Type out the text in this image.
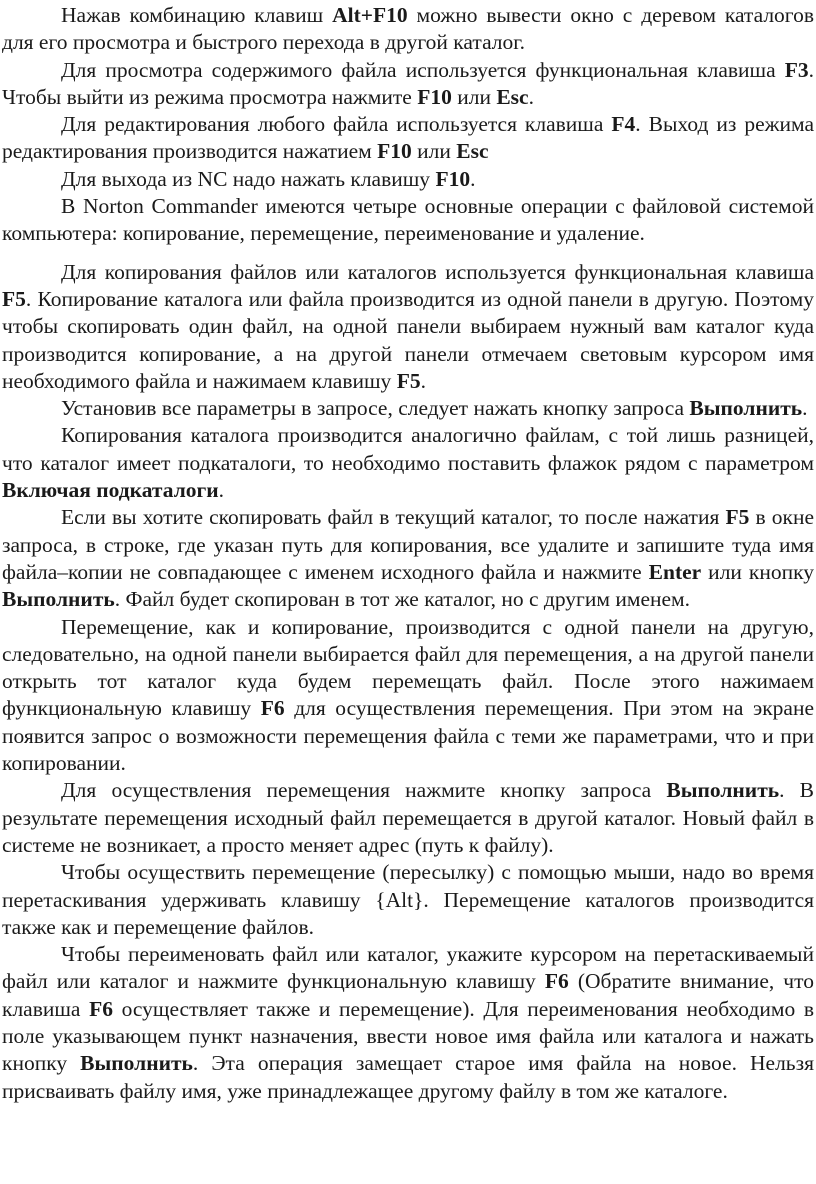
Нажав комбинацию клавиш Alt+F10 можно вывести окно с деревом каталогов для его просмотра и быстрого перехода в другой каталог.

Для просмотра содержимого файла используется функциональная клавиша F3. Чтобы выйти из режима просмотра нажмите F10 или Esc.

Для редактирования любого файла используется клавиша F4. Выход из режима редактирования производится нажатием F10 или Esc

Для выхода из NC надо нажать клавишу F10.

В Norton Commander имеются четыре основные операции с файловой системой компьютера: копирование, перемещение, переименование и удаление.

Для копирования файлов или каталогов используется функциональная клавиша F5. Копирование каталога или файла производится из одной панели в другую. Поэтому чтобы скопировать один файл, на одной панели выбираем нужный вам каталог куда производится копирование, а на другой панели отмечаем световым курсором имя необходимого файла и нажимаем клавишу F5.

Установив все параметры в запросе, следует нажать кнопку запроса Выполнить.

Копирования каталога производится аналогично файлам, с той лишь разницей, что каталог имеет подкаталоги, то необходимо поставить флажок рядом с параметром Включая подкаталоги.

Если вы хотите скопировать файл в текущий каталог, то после нажатия F5 в окне запроса, в строке, где указан путь для копирования, все удалите и запишите туда имя файла–копии не совпадающее с именем исходного файла и нажмите Enter или кнопку Выполнить. Файл будет скопирован в тот же каталог, но с другим именем.

Перемещение, как и копирование, производится с одной панели на другую, следовательно, на одной панели выбирается файл для перемещения, а на другой панели открыть тот каталог куда будем перемещать файл. После этого нажимаем функциональную клавишу F6 для осуществления перемещения. При этом на экране появится запрос о возможности перемещения файла с теми же параметрами, что и при копировании.

Для осуществления перемещения нажмите кнопку запроса Выполнить. В результате перемещения исходный файл перемещается в другой каталог. Новый файл в системе не возникает, а просто меняет адрес (путь к файлу).

Чтобы осуществить перемещение (пересылку) с помощью мыши, надо во время перетаскивания удерживать клавишу {Alt}. Перемещение каталогов производится также как и перемещение файлов.

Чтобы переименовать файл или каталог, укажите курсором на перетаскиваемый файл или каталог и нажмите функциональную клавишу F6 (Обратите внимание, что клавиша F6 осуществляет также и перемещение). Для переименования необходимо в поле указывающем пункт назначения, ввести новое имя файла или каталога и нажать кнопку Выполнить. Эта операция замещает старое имя файла на новое. Нельзя присваивать файлу имя, уже принадлежащее другому файлу в том же каталоге.
